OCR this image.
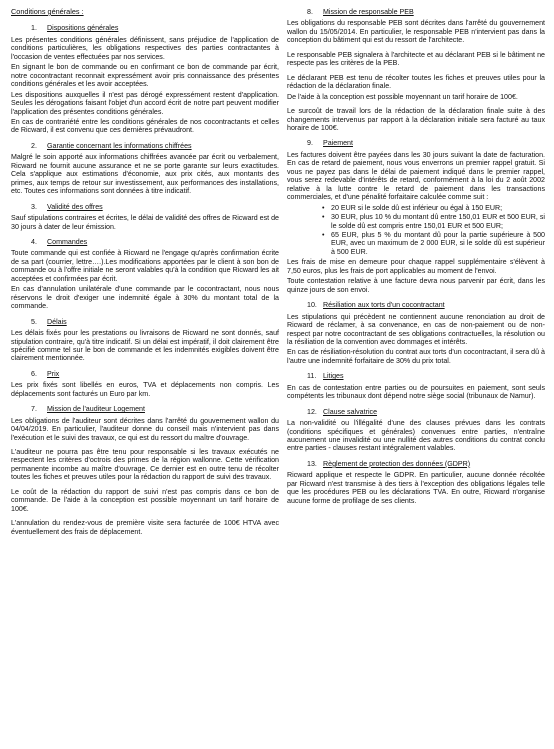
Conditions générales :
1. Dispositions générales

Les présentes conditions générales définissent, sans préjudice de l'application de conditions particulières, les obligations respectives des parties contractantes à l'occasion de ventes effectuées par nos services.

En signant le bon de commande ou en confirmant ce bon de commande par écrit, notre cocontractant reconnait expressément avoir pris connaissance des présentes conditions générales et les avoir acceptées.

Les dispositions auxquelles il n'est pas dérogé expressément restent d'application. Seules les dérogations faisant l'objet d'un accord écrit de notre part peuvent modifier l'application des présentes conditions générales.

En cas de contrariété entre les conditions générales de nos cocontractants et celles de Ricward, il est convenu que ces dernières prévaudront.

2. Garantie concernant les informations chiffrées

Malgré le soin apporté aux informations chiffrées avancée par écrit ou verbalement, Ricward ne fournit aucune assurance et ne se porte garante sur leurs exactitudes. Cela s'applique aux estimations d'économie, aux prix cités, aux montants des primes, aux temps de retour sur investissement, aux performances des installations, etc. Toutes ces informations sont données à titre indicatif.

3. Validité des offres

Sauf stipulations contraires et écrites, le délai de validité des offres de Ricward est de 30 jours à dater de leur émission.

4. Commandes

Toute commande qui est confiée à Ricward ne l'engage qu'après confirmation écrite de sa part (courrier, lettre….).Les modifications apportées par le client à son bon de commande ou à l'offre initiale ne seront valables qu'à la condition que Ricward les ait acceptées et confirmées par écrit.

En cas d'annulation unilatérale d'une commande par le cocontractant, nous nous réservons le droit d'exiger une indemnité égale à 30% du montant total de la commande.

5. Délais

Les délais fixés pour les prestations ou livraisons de Ricward ne sont donnés, sauf stipulation contraire, qu'à titre indicatif. Si un délai est impératif, il doit clairement être spécifié comme tel sur le bon de commande et les indemnités exigibles doivent être clairement mentionnée.

6. Prix

Les prix fixés sont libellés en euros, TVA et déplacements non compris. Les déplacements sont facturés un Euro par km.

7. Mission de l'auditeur Logement

Les obligations de l'auditeur sont décrites dans l'arrêté du gouvernement wallon du 04/04/2019. En particulier, l'auditeur donne du conseil mais n'intervient pas dans l'exécution et le suivi des travaux, ce qui est du ressort du maître d'ouvrage.

L'auditeur ne pourra pas être tenu pour responsable si les travaux exécutés ne respectent les critères d'octrois des primes de la région wallonne. Cette vérification permanente incombe au maître d'ouvrage. Ce dernier est en outre tenu de récolter toutes les fiches et preuves utiles pour la rédaction du rapport de suivi des travaux.

Le coût de la rédaction du rapport de suivi n'est pas compris dans ce bon de commande. De l'aide à la conception est possible moyennant un tarif horaire de 100€.

L'annulation du rendez-vous de première visite sera facturée de 100€ HTVA avec éventuellement des frais de déplacement.

8. Mission de responsable PEB

Les obligations du responsable PEB sont décrites dans l'arrêté du gouvernement wallon du 15/05/2014. En particulier, le responsable PEB n'intervient pas dans la conception du bâtiment qui est du ressort de l'architecte.

Le responsable PEB signalera à l'architecte et au déclarant PEB si le bâtiment ne respecte pas les critères de la PEB.

Le déclarant PEB est tenu de récolter toutes les fiches et preuves utiles pour la rédaction de la déclaration finale.

De l'aide à la conception est possible moyennant un tarif horaire de 100€.

Le surcoût de travail lors de la rédaction de la déclaration finale suite à des changements intervenus par rapport à la déclaration initiale sera facturé au taux horaire de 100€.

9. Paiement

Les factures doivent être payées dans les 30 jours suivant la date de facturation. En cas de retard de paiement, nous vous enverrons un premier rappel gratuit. Si vous ne payez pas dans le délai de paiement indiqué dans le premier rappel, vous serez redevable d'intérêts de retard, conformément à la loi du 2 août 2002 relative à la lutte contre le retard de paiement dans les transactions commerciales, et d'une pénalité forfaitaire calculée comme suit :

• 20 EUR si le solde dû est inférieur ou égal à 150 EUR;
• 30 EUR, plus 10 % du montant dû entre 150,01 EUR et 500 EUR, si le solde dû est compris entre 150,01 EUR et 500 EUR;
• 65 EUR, plus 5 % du montant dû pour la partie supérieure à 500 EUR, avec un maximum de 2 000 EUR, si le solde dû est supérieur à 500 EUR.

Les frais de mise en demeure pour chaque rappel supplémentaire s'élèvent à 7,50 euros, plus les frais de port applicables au moment de l'envoi.

Toute contestation relative à une facture devra nous parvenir par écrit, dans les quinze jours de son envoi.

10. Résiliation aux torts d'un cocontractant

Les stipulations qui précèdent ne contiennent aucune renonciation au droit de Ricward de réclamer, à sa convenance, en cas de non-paiement ou de non-respect par notre cocontractant de ses obligations contractuelles, la résolution ou la résiliation de la convention avec dommages et intérêts.

En cas de résiliation-résolution du contrat aux torts d'un cocontractant, il sera dû à l'autre une indemnité forfaitaire de 30% du prix total.

11. Litiges

En cas de contestation entre parties ou de poursuites en paiement, sont seuls compétents les tribunaux dont dépend notre siège social (tribunaux de Namur).

12. Clause salvatrice

La non-validité ou l'illégalité d'une des clauses prévues dans les contrats (conditions spécifiques et générales) convenues entre parties, n'entraîne aucunement une invalidité ou une nullité des autres conditions du contrat conclu entre parties - clauses restant intégralement valables.

13. Règlement de protection des données (GDPR)

Ricward applique et respecte le GDPR. En particulier, aucune donnée récoltée par Ricward n'est transmise à des tiers à l'exception des obligations légales telle que les procédures PEB ou les déclarations TVA. En outre, Ricward n'organise aucune forme de profilage de ses clients.
